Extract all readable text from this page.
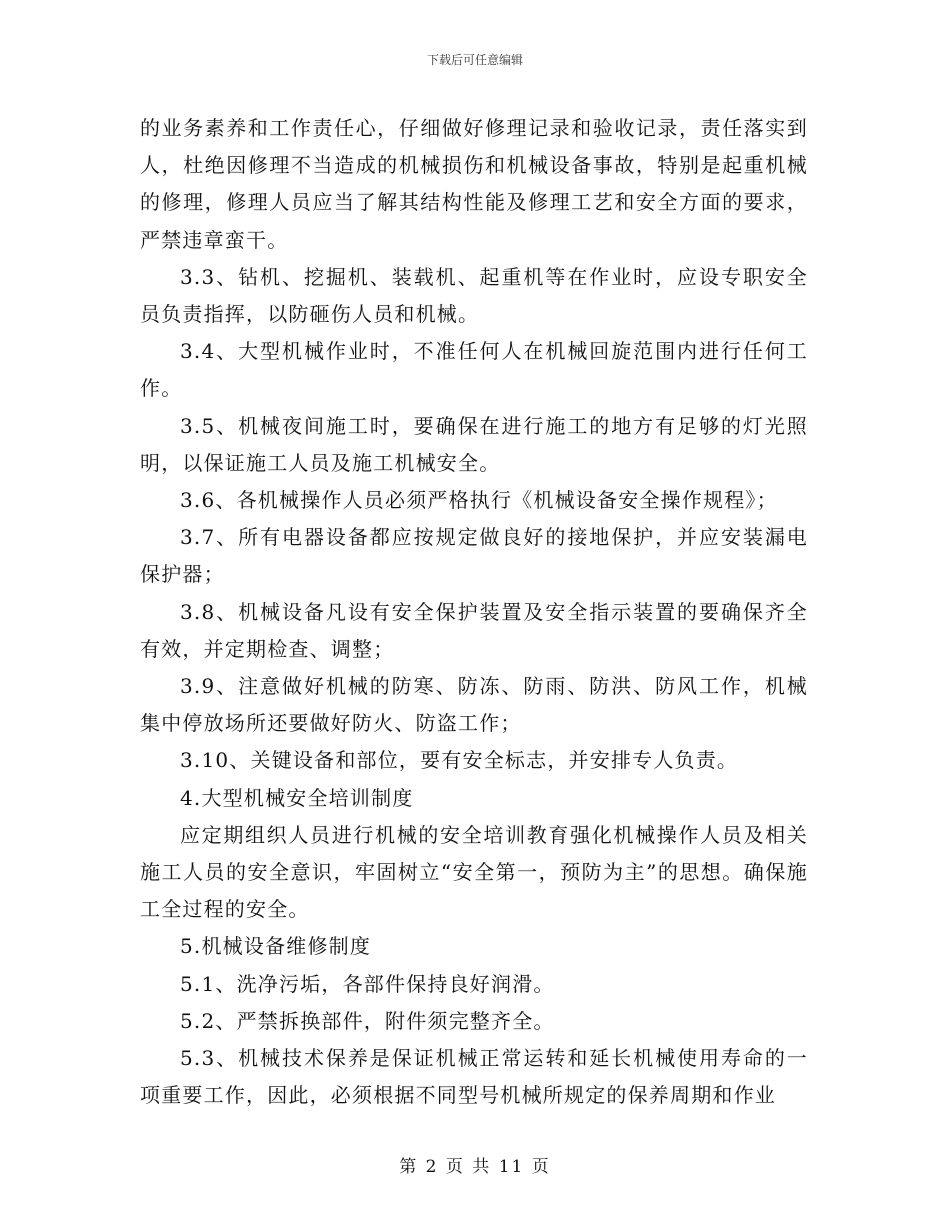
下载后可任意编辑

的业务素养和工作责任心，仔细做好修理记录和验收记录，责任落实到人，杜绝因修理不当造成的机械损伤和机械设备事故，特别是起重机械的修理，修理人员应当了解其结构性能及修理工艺和安全方面的要求，严禁违章蛮干。

3.3、钻机、挖掘机、装载机、起重机等在作业时，应设专职安全员负责指挥，以防砸伤人员和机械。

3.4、大型机械作业时，不准任何人在机械回旋范围内进行任何工作。

3.5、机械夜间施工时，要确保在进行施工的地方有足够的灯光照明，以保证施工人员及施工机械安全。

3.6、各机械操作人员必须严格执行《机械设备安全操作规程》；

3.7、所有电器设备都应按规定做良好的接地保护，并应安装漏电保护器；

3.8、机械设备凡设有安全保护装置及安全指示装置的要确保齐全有效，并定期检查、调整；

3.9、注意做好机械的防寒、防冻、防雨、防洪、防风工作，机械集中停放场所还要做好防火、防盗工作；

3.10、关键设备和部位，要有安全标志，并安排专人负责。

4.大型机械安全培训制度

应定期组织人员进行机械的安全培训教育强化机械操作人员及相关施工人员的安全意识，牢固树立“安全第一，预防为主”的思想。确保施工全过程的安全。

5.机械设备维修制度

5.1、洗净污垢，各部件保持良好润滑。

5.2、严禁拆换部件，附件须完整齐全。

5.3、机械技术保养是保证机械正常运转和延长机械使用寿命的一项重要工作，因此，必须根据不同型号机械所规定的保养周期和作业

第 2 页 共 11 页
